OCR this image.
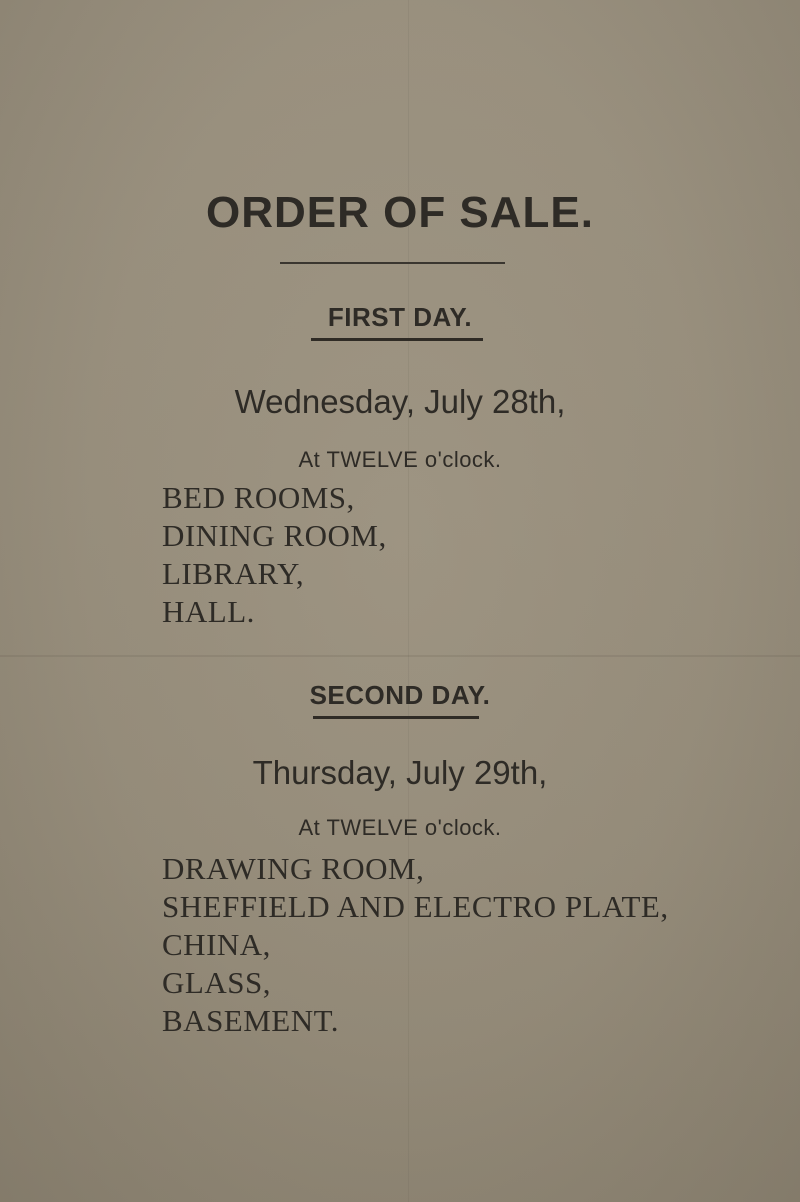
ORDER OF SALE.
FIRST DAY.

Wednesday, July 28th,

At TWELVE o'clock.

BED ROOMS,
DINING ROOM,
LIBRARY,
HALL.
SECOND DAY.

Thursday, July 29th,

At TWELVE o'clock.

DRAWING ROOM,
SHEFFIELD AND ELECTRO PLATE,
CHINA,
GLASS,
BASEMENT.
